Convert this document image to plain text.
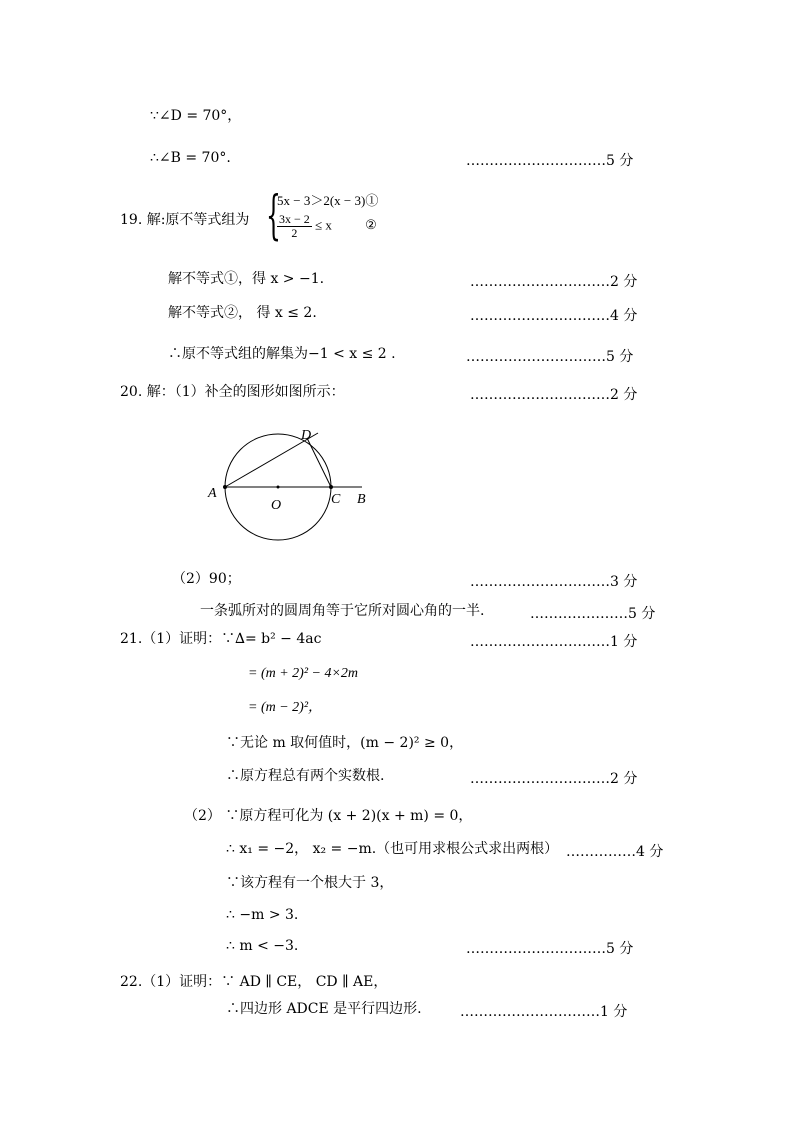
∵∠D = 70°，
∴∠B = 70°.	…………………………5 分
19. 解:原不等式组为 {
5x − 3＞2(x − 3)①
$\frac{3x - 2}{2} \le x$	②
解不等式①，得 x > −1.	…………………………2 分
解不等式②， 得 x ≤ 2.	…………………………4 分
∴原不等式组的解集为−1 < x ≤ 2 .	…………………………5 分
20. 解：（1）补全的图形如图所示：	…………………………2 分
A
O	C B
D
（2）90；	…………………………3 分
一条弧所对的圆周角等于它所对圆心角的一半.	…………………5 分
21.（1）证明：∵∆= b² − 4ac	…………………………1 分
= (m + 2)² − 4×2m
= (m − 2)²，
∵无论 m 取何值时，(m − 2)² ≥ 0，
∴原方程总有两个实数根.	…………………………2 分
（2） ∵原方程可化为 (x + 2)(x + m) = 0，
∴ x₁ = −2， x₂ = −m.（也可用求根公式求出两根） ……………4 分
∵该方程有一个根大于 3，
∴ −m > 3.
∴ m < −3.	…………………………5 分
22.（1）证明：∵ AD ∥ CE， CD ∥ AE，
∴四边形 ADCE 是平行四边形.	…………………………1 分
